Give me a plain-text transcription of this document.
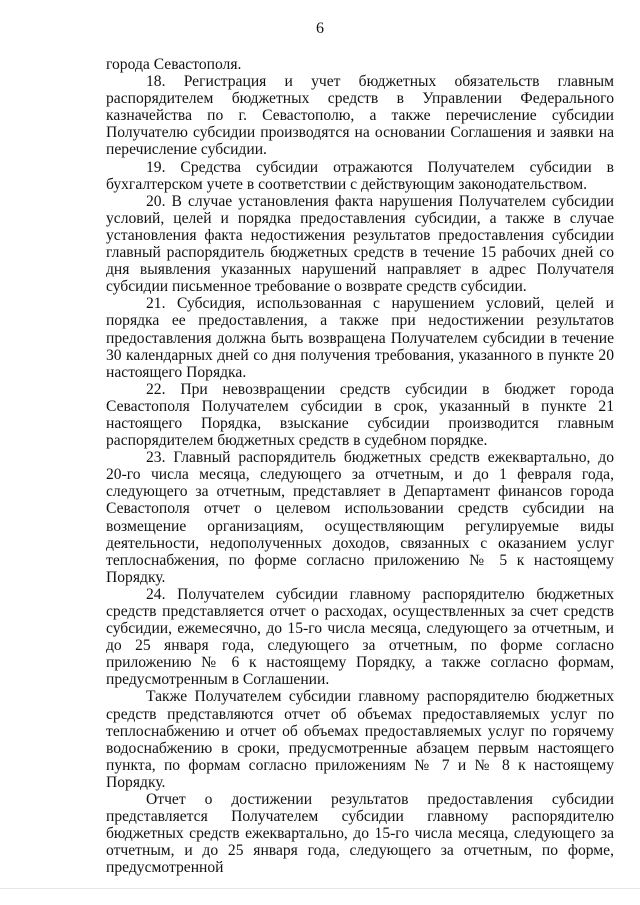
6

города Севастополя.

18. Регистрация и учет бюджетных обязательств главным распорядителем бюджетных средств в Управлении Федерального казначейства по г. Севастополю, а также перечисление субсидии Получателю субсидии производятся на основании Соглашения и заявки на перечисление субсидии.

19. Средства субсидии отражаются Получателем субсидии в бухгалтерском учете в соответствии с действующим законодательством.

20. В случае установления факта нарушения Получателем субсидии условий, целей и порядка предоставления субсидии, а также в случае установления факта недостижения результатов предоставления субсидии главный распорядитель бюджетных средств в течение 15 рабочих дней со дня выявления указанных нарушений направляет в адрес Получателя субсидии письменное требование о возврате средств субсидии.

21. Субсидия, использованная с нарушением условий, целей и порядка ее предоставления, а также при недостижении результатов предоставления должна быть возвращена Получателем субсидии в течение 30 календарных дней со дня получения требования, указанного в пункте 20 настоящего Порядка.

22. При невозвращении средств субсидии в бюджет города Севастополя Получателем субсидии в срок, указанный в пункте 21 настоящего Порядка, взыскание субсидии производится главным распорядителем бюджетных средств в судебном порядке.

23. Главный распорядитель бюджетных средств ежеквартально, до 20-го числа месяца, следующего за отчетным, и до 1 февраля года, следующего за отчетным, представляет в Департамент финансов города Севастополя отчет о целевом использовании средств субсидии на возмещение организациям, осуществляющим регулируемые виды деятельности, недополученных доходов, связанных с оказанием услуг теплоснабжения, по форме согласно приложению № 5 к настоящему Порядку.

24. Получателем субсидии главному распорядителю бюджетных средств представляется отчет о расходах, осуществленных за счет средств субсидии, ежемесячно, до 15-го числа месяца, следующего за отчетным, и до 25 января года, следующего за отчетным, по форме согласно приложению № 6 к настоящему Порядку, а также согласно формам, предусмотренным в Соглашении.

Также Получателем субсидии главному распорядителю бюджетных средств представляются отчет об объемах предоставляемых услуг по теплоснабжению и отчет об объемах предоставляемых услуг по горячему водоснабжению в сроки, предусмотренные абзацем первым настоящего пункта, по формам согласно приложениям № 7 и № 8 к настоящему Порядку.

Отчет о достижении результатов предоставления субсидии представляется Получателем субсидии главному распорядителю бюджетных средств ежеквартально, до 15-го числа месяца, следующего за отчетным, и до 25 января года, следующего за отчетным, по форме, предусмотренной
